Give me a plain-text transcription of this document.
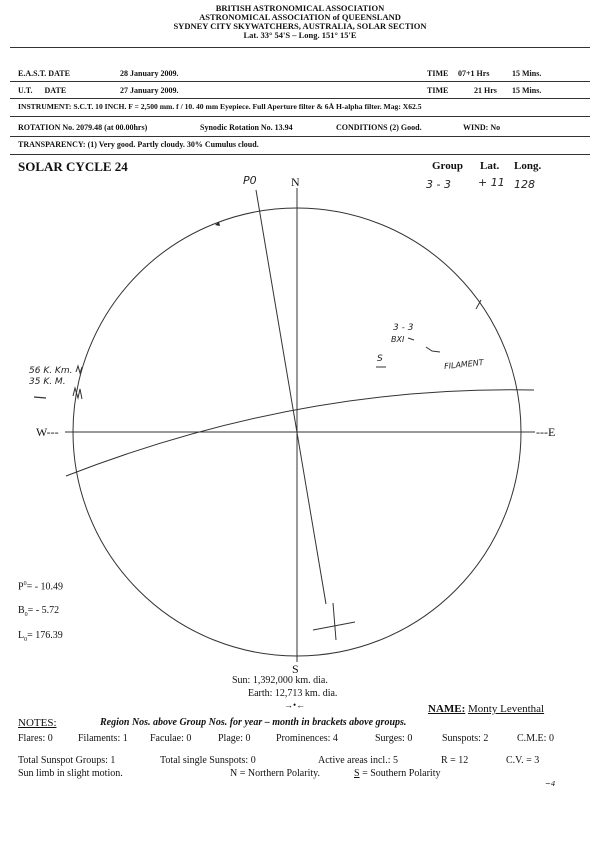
BRITISH ASTRONOMICAL ASSOCIATION
ASTRONOMICAL ASSOCIATION of QUEENSLAND
SYDNEY CITY SKYWATCHERS, AUSTRALIA, SOLAR SECTION
Lat. 33° 54'S – Long. 151° 15'E
E.A.S.T. DATE	28 January 2009.	TIME 07+1 Hrs	15 Mins.
U.T.      DATE	27 January 2009.	TIME	21 Hrs 15 Mins.
INSTRUMENT: S.C.T. 10 INCH. F = 2,500 mm. f / 10. 40 mm Eyepiece. Full Aperture filter & 6Å H-alpha filter. Mag: X62.5
ROTATION No. 2079.48 (at 00.00hrs)	Synodic Rotation No. 13.94	CONDITIONS (2) Good.	WIND: No
TRANSPARENCY: (1) Very good. Partly cloudy. 30% Cumulus cloud.
SOLAR CYCLE 24	Group Lat. Long.
3 - 3 + 11 128
N
S
W---	---E
P0
56 K. Km.
35 K. M.
3 - 3
BXI
S	FILAMENT
$P^0= - 10.49$
$B_0= - 5.72$
$L_0= 176.39$
Sun: 1,392,000 km. dia.
Earth: 12,713 km. dia.
→•←	NAME: Monty Leventhal
NOTES:	Region Nos. above Group Nos. for year – month in brackets above groups.
Flares: 0	Filaments: 1 Faculae: 0	Plage: 0	Prominences: 4	Surges: 0	Sunspots: 2	C.M.E: 0
Total Sunspot Groups: 1	Total single Sunspots: 0	Active areas incl.: 5	R = 12	C.V. = 3
Sun limb in slight motion.	N = Northern Polarity.	S = Southern Polarity
~4
